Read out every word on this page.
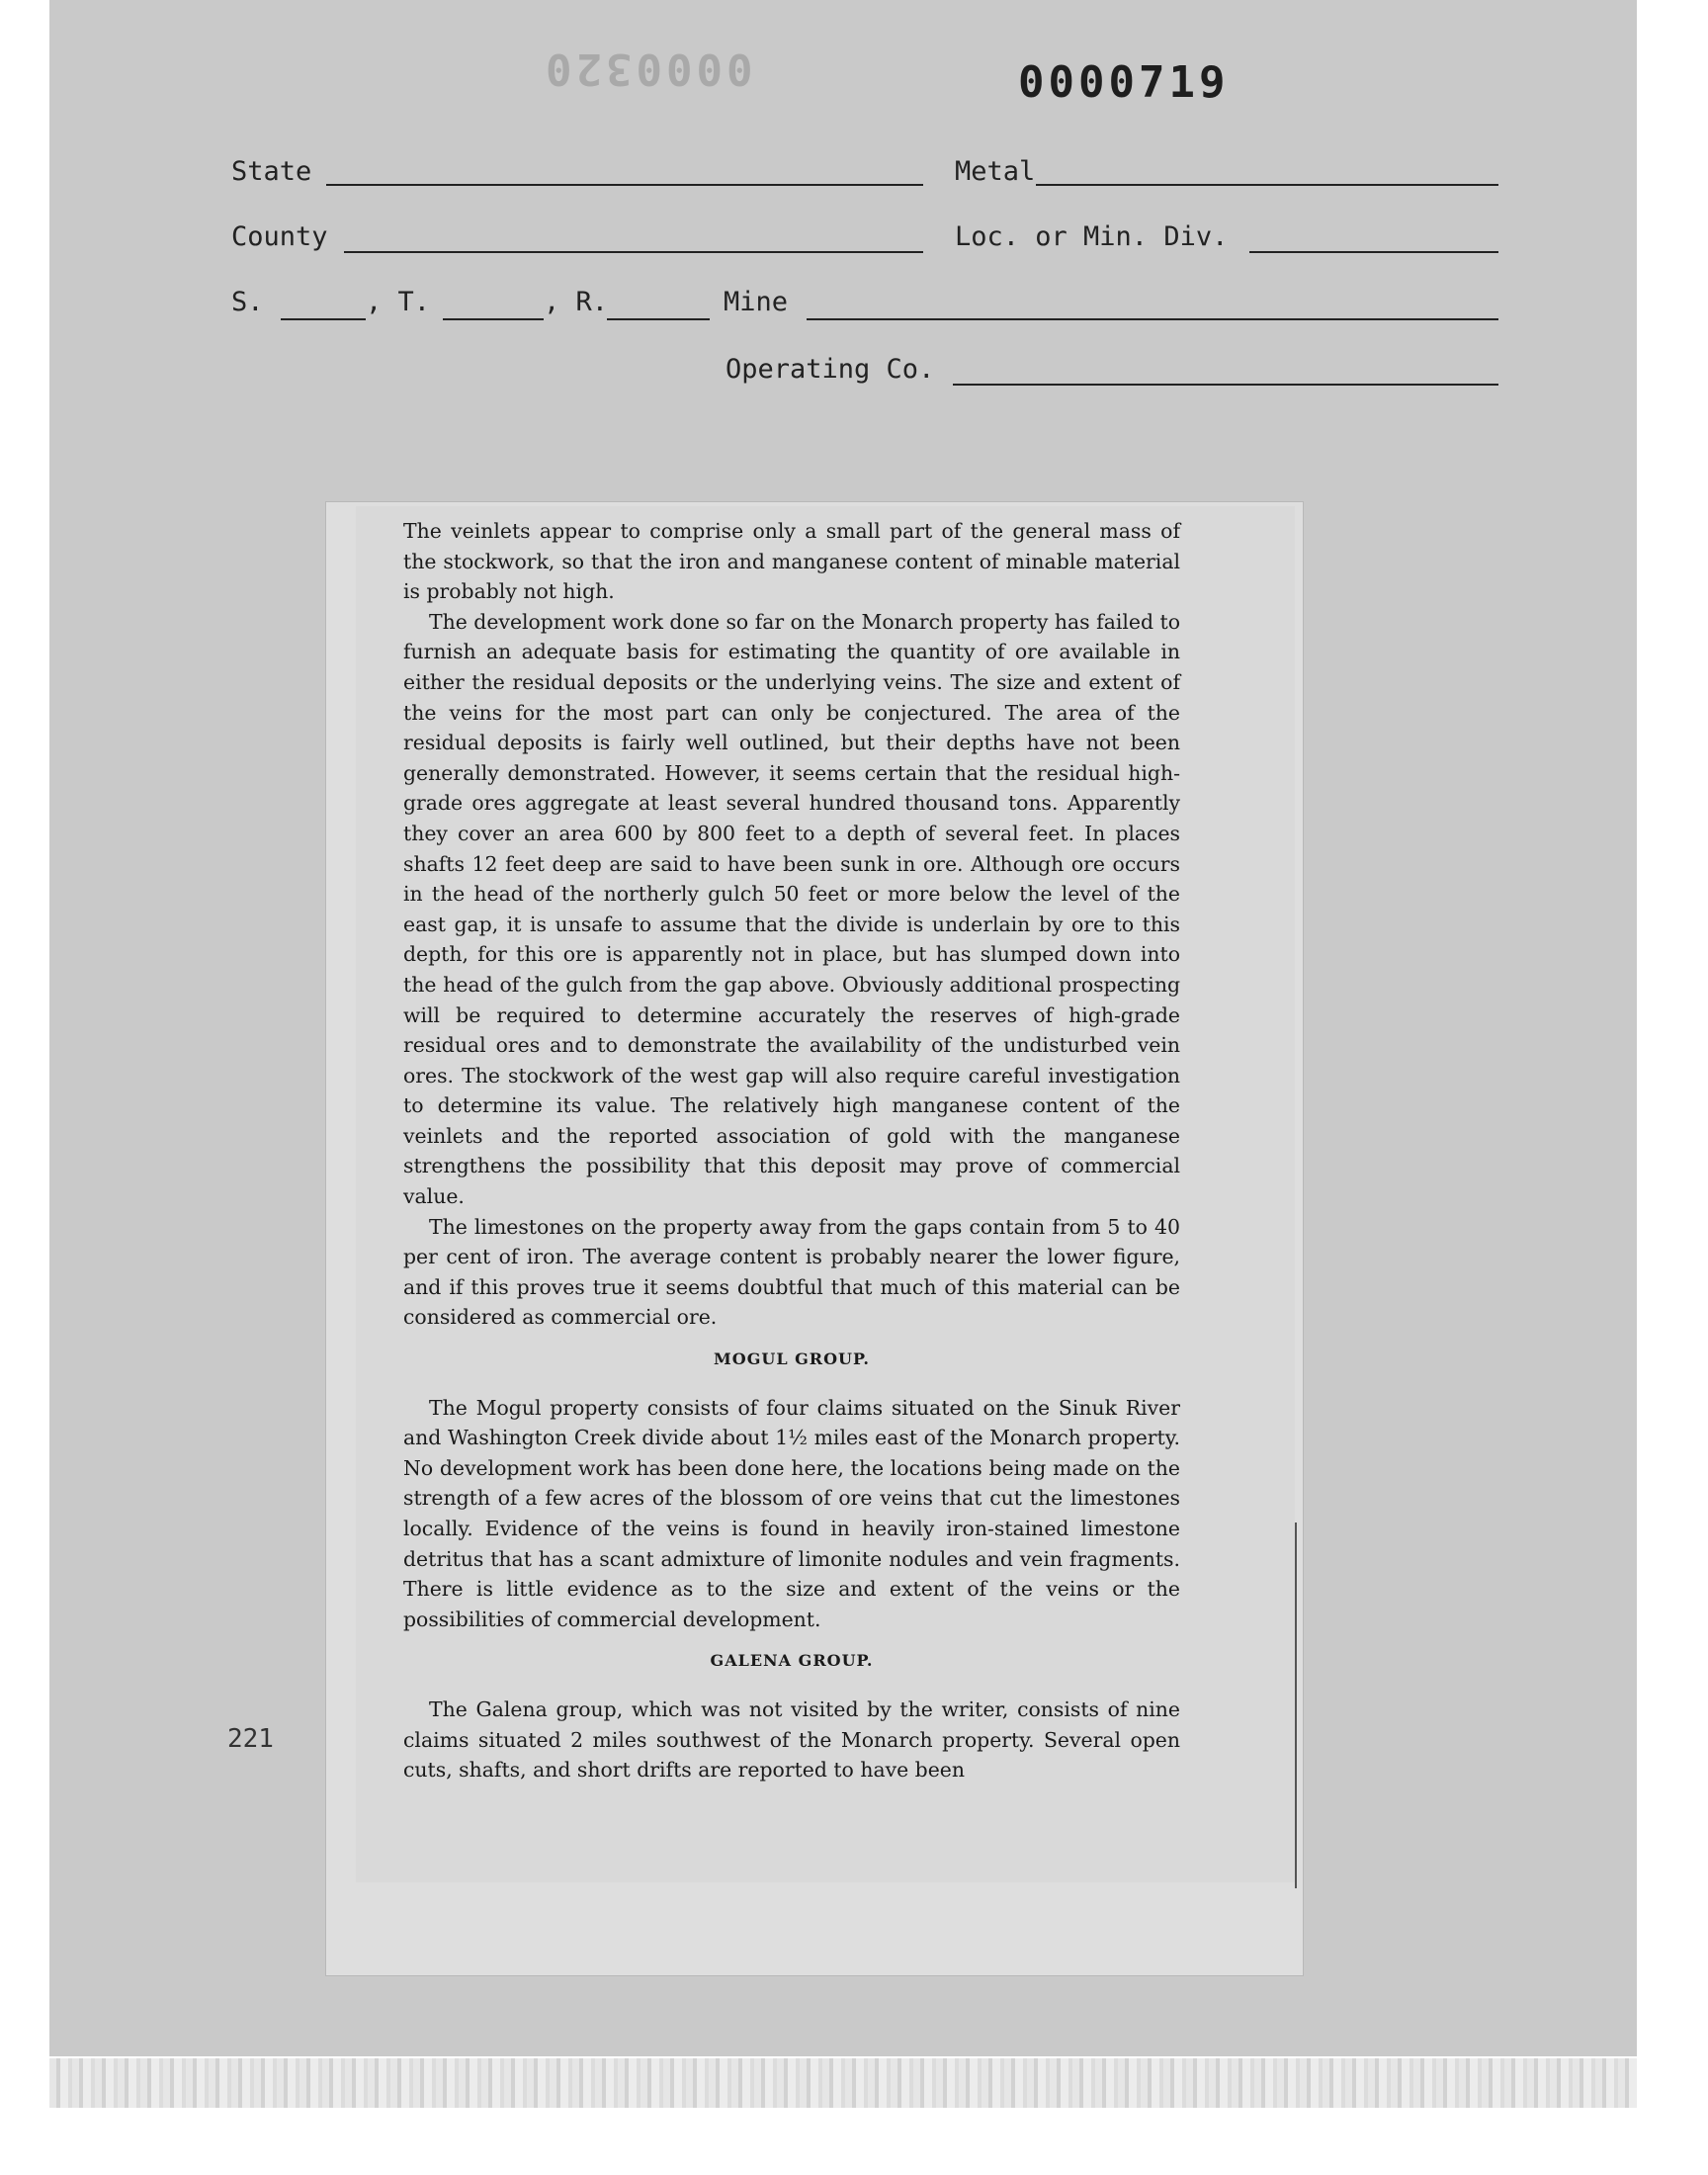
0000320	0000719
State	Metal
County	Loc. or Min. Div.
S.	, T.	, R.	Mine
Operating Co.
221

The veinlets appear to comprise only a small part of the general mass of the stockwork, so that the iron and manganese content of minable material is probably not high.

The development work done so far on the Monarch property has failed to furnish an adequate basis for estimating the quantity of ore available in either the residual deposits or the underlying veins. The size and extent of the veins for the most part can only be conjectured. The area of the residual deposits is fairly well outlined, but their depths have not been generally demonstrated. However, it seems certain that the residual high-grade ores aggregate at least several hundred thousand tons. Apparently they cover an area 600 by 800 feet to a depth of several feet. In places shafts 12 feet deep are said to have been sunk in ore. Although ore occurs in the head of the northerly gulch 50 feet or more below the level of the east gap, it is unsafe to assume that the divide is underlain by ore to this depth, for this ore is apparently not in place, but has slumped down into the head of the gulch from the gap above. Obviously additional prospecting will be required to determine accurately the reserves of high-grade residual ores and to demonstrate the availability of the undisturbed vein ores. The stockwork of the west gap will also require careful investigation to determine its value. The relatively high manganese content of the veinlets and the reported association of gold with the manganese strengthens the possibility that this deposit may prove of commercial value.

The limestones on the property away from the gaps contain from 5 to 40 per cent of iron. The average content is probably nearer the lower figure, and if this proves true it seems doubtful that much of this material can be considered as commercial ore.

MOGUL GROUP.

The Mogul property consists of four claims situated on the Sinuk River and Washington Creek divide about 1½ miles east of the Monarch property. No development work has been done here, the locations being made on the strength of a few acres of the blossom of ore veins that cut the limestones locally. Evidence of the veins is found in heavily iron-stained limestone detritus that has a scant admixture of limonite nodules and vein fragments. There is little evidence as to the size and extent of the veins or the possibilities of commercial development.

GALENA GROUP.

The Galena group, which was not visited by the writer, consists of nine claims situated 2 miles southwest of the Monarch property. Several open cuts, shafts, and short drifts are reported to have been
